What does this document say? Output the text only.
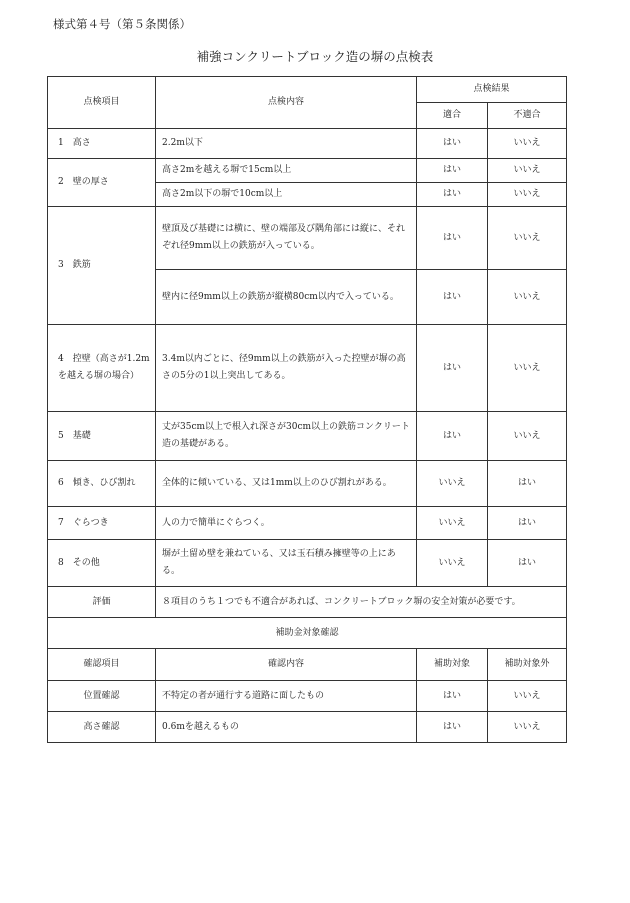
様式第４号（第５条関係）
補強コンクリートブロック造の塀の点検表
点検項目	点検内容	点検結果	
		適合	不適合
1　高さ	2.2m以下	はい	いいえ
2　壁の厚さ	高さ2mを越える塀で15cm以上	はい	いいえ
	高さ2m以下の塀で10cm以上	はい	いいえ
3　鉄筋	壁頂及び基礎には横に、壁の端部及び隅角部には縦に、それぞれ径9mm以上の鉄筋が入っている。	はい	いいえ
	壁内に径9mm以上の鉄筋が縦横80cm以内で入っている。	はい	いいえ
4　控壁（高さが1.2mを越える塀の場合）	3.4m以内ごとに、径9mm以上の鉄筋が入った控壁が塀の高さの5分の1以上突出してある。	はい	いいえ
5　基礎	丈が35cm以上で根入れ深さが30cm以上の鉄筋コンクリート造の基礎がある。	はい	いいえ
6　傾き、ひび割れ	全体的に傾いている、又は1mm以上のひび割れがある。	いいえ	はい
7　ぐらつき	人の力で簡単にぐらつく。	いいえ	はい
8　その他	塀が土留め壁を兼ねている、又は玉石積み擁壁等の上にある。	いいえ	はい
評価	８項目のうち１つでも不適合があれば、コンクリートブロック塀の安全対策が必要です。		
補助金対象確認			
確認項目	確認内容	補助対象	補助対象外
位置確認	不特定の者が通行する道路に面したもの	はい	いいえ
高さ確認	0.6mを越えるもの	はい	いいえ
